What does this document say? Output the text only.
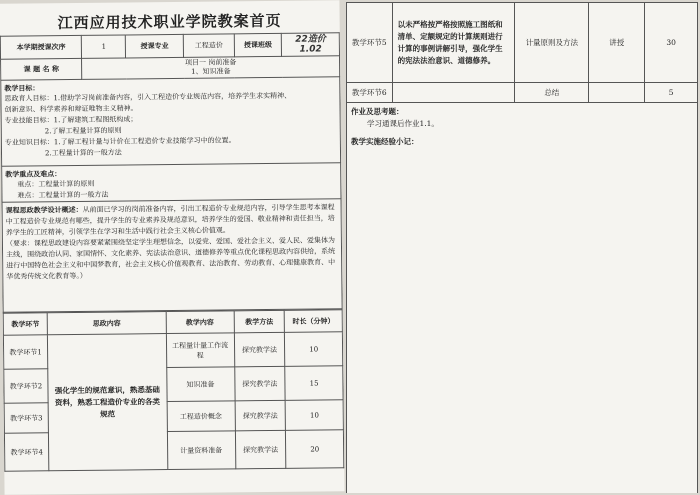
江西应用技术职业学院教案首页
本学期授课次序	1	授课专业	工程造价	授课班级	22造价1.02
课 题 名 称	项目一 岗前准备
1、知识准备				

教学目标：

思政育人目标：1.借助学习岗前准备内容，引入工程造价专业规范内容，培养学生求实精神、

创新意识、科学素养和辩证唯物主义精神。

专业技能目标：1.了解建筑工程图纸构成；

2.了解工程量计算的原则

专业知识目标：1.了解工程计量与计价在工程造价专业技能学习中的位置。

2.工程量计算的一般方法

教学重点及难点：

重点：工程量计算的原则

难点：工程量计算的一般方法

课程思政教学设计概述：从前面已学习的岗前准备内容，引出工程造价专业规范内容，引导学生思考本课程中工程造价专业规范有哪些，提升学生的专业素养及规范意识，培养学生的爱国、敬业精神和责任担当，培养学生的工匠精神，引领学生在学习和生活中践行社会主义核心价值观。

（要求：课程思政建设内容要紧紧围绕坚定学生理想信念，以爱党、爱国、爱社会主义、爱人民、爱集体为主线，围绕政治认同、家国情怀、文化素养、宪法法治意识、道德修养等重点优化课程思政内容供给，系统进行中国特色社会主义和中国梦教育，社会主义核心价值观教育、法治教育、劳动教育、心理健康教育、中华优秀传统文化教育等。）

教学环节	思政内容	教学内容	教学方法	时长（分钟）
教学环节1	强化学生的规范意识，熟悉基础资料，熟悉工程造价专业的各类规范	工程量计量工作流程	探究教学法	10
教学环节2		知识准备	探究教学法	15
教学环节3		工程造价概念	探究教学法	10
教学环节4		计量资料准备	探究教学法	20
教学环节5	以未严格按严格按照施工图纸和清单、定额规定的计算规则进行计算的事例讲解引导，强化学生的宪法法治意识、道德修养。	计量原则及方法	讲授	30
教学环节6		总结		5

作业及思考题：

学习通课后作业1.1。

教学实施经验小记：
